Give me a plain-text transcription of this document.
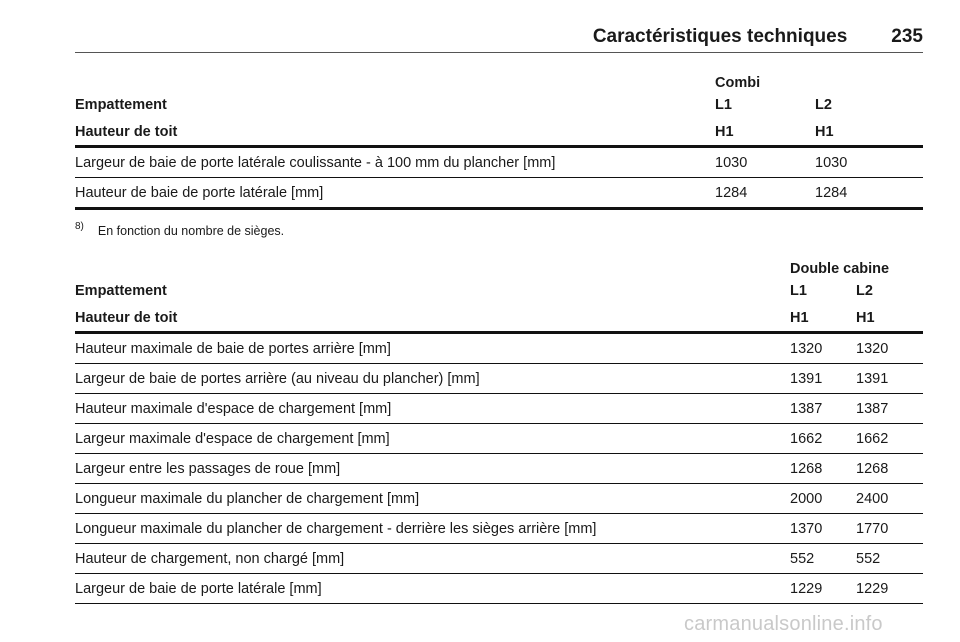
Caractéristiques techniques 235
	Combi	
Empattement	L1	L2
Hauteur de toit	H1	H1
Largeur de baie de porte latérale coulissante - à 100 mm du plancher [mm]	1030	1030
Hauteur de baie de porte latérale [mm]	1284	1284
8) En fonction du nombre de sièges.
	Double cabine	
Empattement	L1	L2
Hauteur de toit	H1	H1
Hauteur maximale de baie de portes arrière [mm]	1320	1320
Largeur de baie de portes arrière (au niveau du plancher) [mm]	1391	1391
Hauteur maximale d'espace de chargement [mm]	1387	1387
Largeur maximale d'espace de chargement [mm]	1662	1662
Largeur entre les passages de roue [mm]	1268	1268
Longueur maximale du plancher de chargement [mm]	2000	2400
Longueur maximale du plancher de chargement - derrière les sièges arrière [mm]	1370	1770
Hauteur de chargement, non chargé [mm]	552	552
Largeur de baie de porte latérale [mm]	1229	1229
carmanualsonline.info
